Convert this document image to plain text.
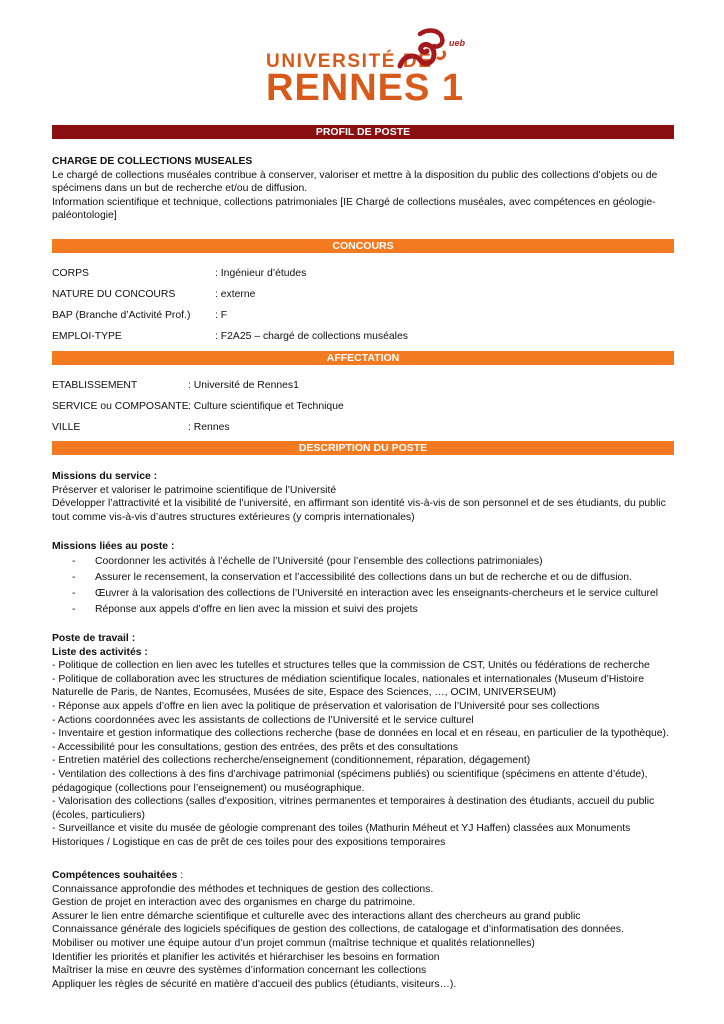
UNIVERSITÉ DE
RENNES 1
ueb
PROFIL DE POSTE

CHARGE DE COLLECTIONS MUSEALES

Le chargé de collections muséales contribue à conserver, valoriser et mettre à la disposition du public des collections d’objets ou de spécimens dans un but de recherche et/ou de diffusion.

Information scientifique et technique, collections patrimoniales [IE Chargé de collections muséales, avec compétences en géologie-paléontologie]

CONCOURS
CORPS	: Ingénieur d’études
NATURE DU CONCOURS	: externe
BAP (Branche d’Activité Prof.) : F
EMPLOI-TYPE	: F2A25 – chargé de collections muséales
AFFECTATION
ETABLISSEMENT	: Université de Rennes1
SERVICE ou COMPOSANTE : Culture scientifique et Technique
VILLE	: Rennes
DESCRIPTION DU POSTE

Missions du service :

Préserver et valoriser le patrimoine scientifique de l’Université

Développer l’attractivité et la visibilité de l’université, en affirmant son identité vis-à-vis de son personnel et de ses étudiants, du public tout comme vis-à-vis d’autres structures extérieures (y compris internationales)

Missions liées au poste :

- Coordonner les activités à l’échelle de l’Université (pour l’ensemble des collections patrimoniales)
- Assurer le recensement, la conservation et l’accessibilité des collections dans un but de recherche et ou de diffusion.
- Œuvrer à la valorisation des collections de l’Université en interaction avec les enseignants-chercheurs et le service culturel
- Réponse aux appels d’offre en lien avec la mission et suivi des projets

Poste de travail :

Liste des activités :

- Politique de collection en lien avec les tutelles et structures telles que la commission de CST, Unités ou fédérations de recherche

- Politique de collaboration avec les structures de médiation scientifique locales, nationales et internationales (Museum d’Histoire Naturelle de Paris, de Nantes, Ecomusées, Musées de site, Espace des Sciences, …, OCIM, UNIVERSEUM)

- Réponse aux appels d’offre en lien avec la politique de préservation et valorisation de l’Université pour ses collections

- Actions coordonnées avec les assistants de collections de l’Université et le service culturel

- Inventaire et gestion informatique des collections recherche (base de données en local et en réseau, en particulier de la typothèque).

- Accessibilité pour les consultations, gestion des entrées, des prêts et des consultations

- Entretien matériel des collections recherche/enseignement (conditionnement, réparation, dégagement)

- Ventilation des collections à des fins d’archivage patrimonial (spécimens publiés) ou scientifique (spécimens en attente d’étude), pédagogique (collections pour l’enseignement) ou muséographique.

- Valorisation des collections (salles d’exposition, vitrines permanentes et temporaires à destination des étudiants, accueil du public (écoles, particuliers)

- Surveillance et visite du musée de géologie comprenant des toiles (Mathurin Méheut et YJ Haffen) classées aux Monuments Historiques / Logistique en cas de prêt de ces toiles pour des expositions temporaires

Compétences souhaitées :

Connaissance approfondie des méthodes et techniques de gestion des collections.

Gestion de projet en interaction avec des organismes en charge du patrimoine.

Assurer le lien entre démarche scientifique et culturelle avec des interactions allant des chercheurs au grand public

Connaissance générale des logiciels spécifiques de gestion des collections, de catalogage et d’informatisation des données.

Mobiliser ou motiver une équipe autour d’un projet commun (maîtrise technique et qualités relationnelles)

Identifier les priorités et planifier les activités et hiérarchiser les besoins en formation

Maîtriser la mise en œuvre des systèmes d’information concernant les collections

Appliquer les règles de sécurité en matière d’accueil des publics (étudiants, visiteurs…).
